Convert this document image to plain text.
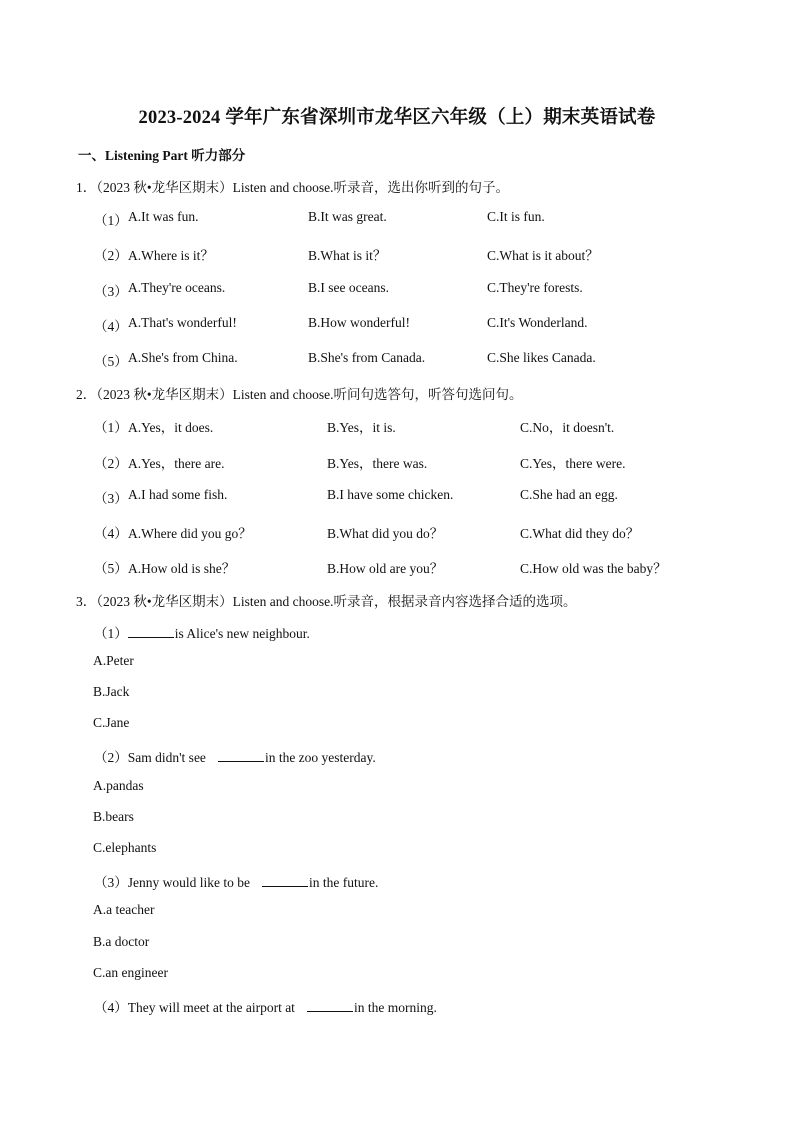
2023-2024 学年广东省深圳市龙华区六年级（上）期末英语试卷
一、Listening Part 听力部分
1．（2023 秋•龙华区期末）Listen and choose.听录音，选出你听到的句子。
（1） A.It was fun.	B.It was great.	C.It is fun.
（2） A.Where is it？	B.What is it？	C.What is it about？
（3） A.They're oceans.	B.I see oceans.	C.They're forests.
（4） A.That's wonderful!	B.How wonderful!	C.It's Wonderland.
（5） A.She's from China.	B.She's from Canada.	C.She likes Canada.
2．（2023 秋•龙华区期末）Listen and choose.听问句选答句，听答句选问句。
（1） A.Yes，it does.	B.Yes，it is.	C.No，it doesn't.
（2） A.Yes，there are.	B.Yes，there was.	C.Yes，there were.
（3） A.I had some fish.	B.I have some chicken.	C.She had an egg.
（4） A.Where did you go？	B.What did you do？	C.What did they do？
（5） A.How old is she？	B.How old are you？	C.How old was the baby？
3．（2023 秋•龙华区期末）Listen and choose.听录音，根据录音内容选择合适的选项。
（1）	is Alice's new neighbour.
A.Peter
B.Jack
C.Jane
（2）Sam didn't see	in the zoo yesterday.
A.pandas
B.bears
C.elephants
（3）Jenny would like to be	in the future.
A.a teacher
B.a doctor
C.an engineer
（4）They will meet at the airport at	in the morning.
